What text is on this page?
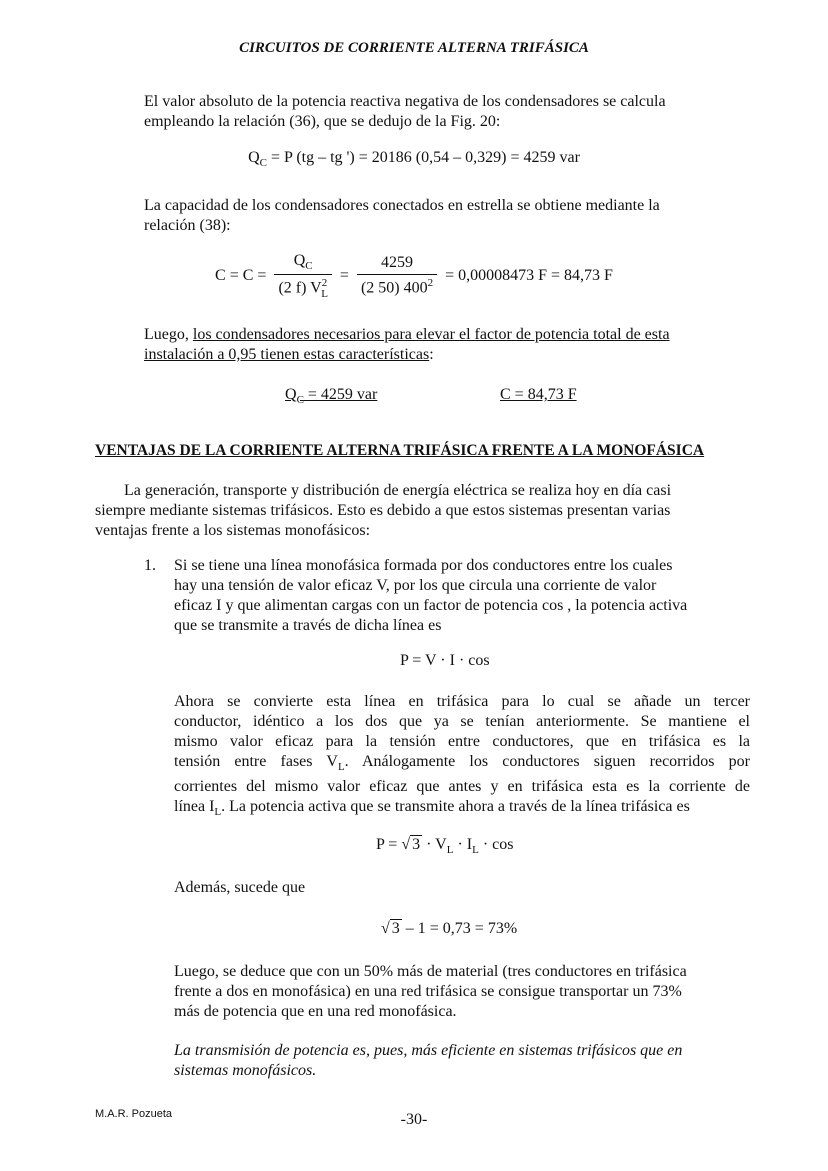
CIRCUITOS DE CORRIENTE ALTERNA TRIFÁSICA
El valor absoluto de la potencia reactiva negativa de los condensadores se calcula
empleando la relación (36), que se dedujo de la Fig. 20:
$Q_C = P$ (tg – tg ') = 20186 (0,54 – 0,329) = 4259 var
La capacidad de los condensadores conectados en estrella se obtiene mediante la
relación (38):
$C = C = \frac{Q_C}{(2 f) V^2_L} = \frac{4259}{(2 50) 400^2} = 0,00008473$ F = 84,73 F
Luego, los condensadores necesarios para elevar el factor de potencia total de esta
instalación a 0,95 tienen estas características:
$Q_C = 4259$ var	C = 84,73 F
VENTAJAS DE LA CORRIENTE ALTERNA TRIFÁSICA FRENTE A LA MONOFÁSICA
La generación, transporte y distribución de energía eléctrica se realiza hoy en día casi
siempre mediante sistemas trifásicos. Esto es debido a que estos sistemas presentan varias
ventajas frente a los sistemas monofásicos:
1. Si se tiene una línea monofásica formada por dos conductores entre los cuales
hay una tensión de valor eficaz V, por los que circula una corriente de valor
eficaz I y que alimentan cargas con un factor de potencia cos , la potencia activa
que se transmite a través de dicha línea es
P = V · I · cos
Ahora se convierte esta línea en trifásica para lo cual se añade un tercer
conductor, idéntico a los dos que ya se tenían anteriormente. Se mantiene el
mismo valor eficaz para la tensión entre conductores, que en trifásica es la
tensión entre fases $V_L$. Análogamente los conductores siguen recorridos por
corrientes del mismo valor eficaz que antes y en trifásica esta es la corriente de
línea $I_L$. La potencia activa que se transmite ahora a través de la línea trifásica es
P = √ $3 \cdot V_L \cdot I_L \cdot \cos$
Además, sucede que
√ 3 – 1 = 0,73 = 73%
Luego, se deduce que con un 50% más de material (tres conductores en trifásica
frente a dos en monofásica) en una red trifásica se consigue transportar un 73%
más de potencia que en una red monofásica.
La transmisión de potencia es, pues, más eficiente en sistemas trifásicos que en
sistemas monofásicos.
M.A.R. Pozueta	-30-
